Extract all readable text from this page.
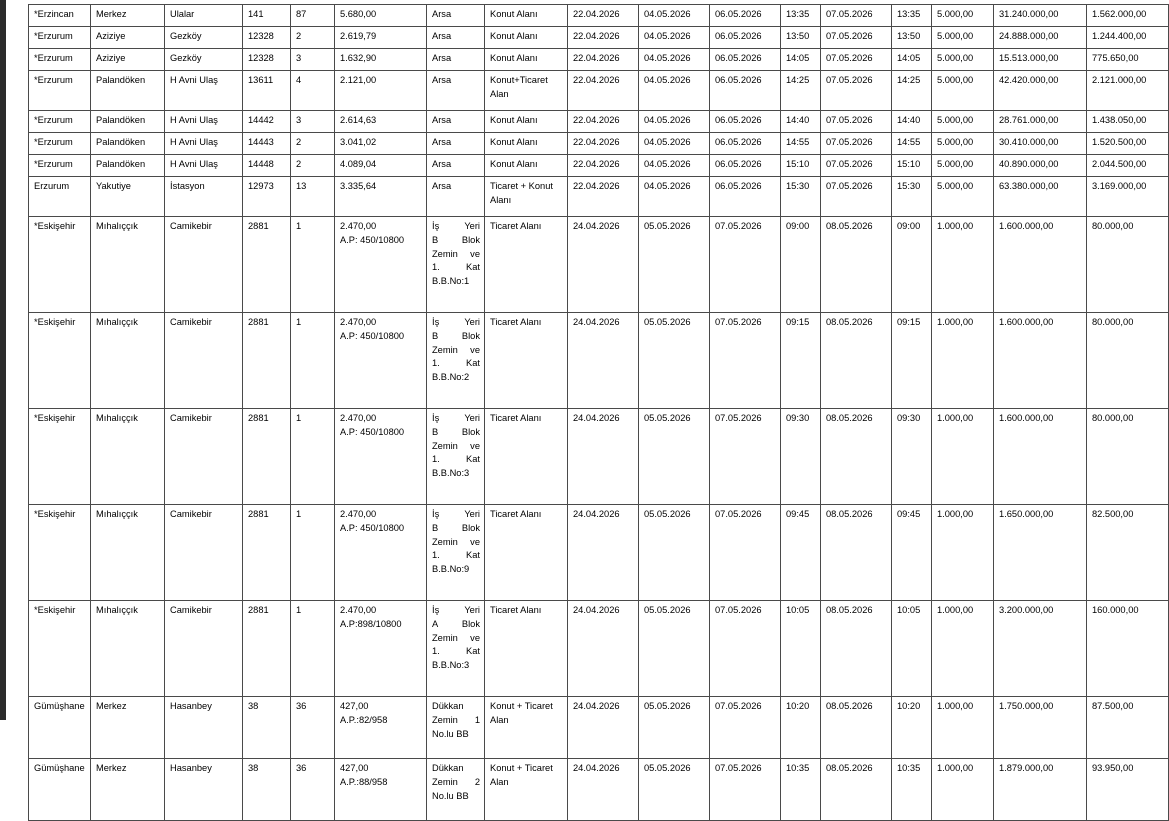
*Erzincan	Merkez	Ulalar	141	87	5.680,00	Arsa	Konut Alanı	22.04.2026	04.05.2026	06.05.2026	13:35	07.05.2026	13:35	5.000,00	31.240.000,00	1.562.000,00
*Erzurum	Aziziye	Gezköy	12328	2	2.619,79	Arsa	Konut Alanı	22.04.2026	04.05.2026	06.05.2026	13:50	07.05.2026	13:50	5.000,00	24.888.000,00	1.244.400,00
*Erzurum	Aziziye	Gezköy	12328	3	1.632,90	Arsa	Konut Alanı	22.04.2026	04.05.2026	06.05.2026	14:05	07.05.2026	14:05	5.000,00	15.513.000,00	775.650,00
*Erzurum	Palandöken	H Avni Ulaş	13611	4	2.121,00	Arsa	Konut+Ticaret Alan	22.04.2026	04.05.2026	06.05.2026	14:25	07.05.2026	14:25	5.000,00	42.420.000,00	2.121.000,00
*Erzurum	Palandöken	H Avni Ulaş	14442	3	2.614,63	Arsa	Konut Alanı	22.04.2026	04.05.2026	06.05.2026	14:40	07.05.2026	14:40	5.000,00	28.761.000,00	1.438.050,00
*Erzurum	Palandöken	H Avni Ulaş	14443	2	3.041,02	Arsa	Konut Alanı	22.04.2026	04.05.2026	06.05.2026	14:55	07.05.2026	14:55	5.000,00	30.410.000,00	1.520.500,00
*Erzurum	Palandöken	H Avni Ulaş	14448	2	4.089,04	Arsa	Konut Alanı	22.04.2026	04.05.2026	06.05.2026	15:10	07.05.2026	15:10	5.000,00	40.890.000,00	2.044.500,00
Erzurum	Yakutiye	İstasyon	12973	13	3.335,64	Arsa	Ticaret + Konut Alanı	22.04.2026	04.05.2026	06.05.2026	15:30	07.05.2026	15:30	5.000,00	63.380.000,00	3.169.000,00
*Eskişehir	Mıhalıççık	Camikebir	2881	1	2.470,00
A.P: 450/10800	İş Yeri
B Blok
Zemin ve
1. Kat
B.B.No:1	Ticaret Alanı	24.04.2026	05.05.2026	07.05.2026	09:00	08.05.2026	09:00	1.000,00	1.600.000,00	80.000,00
*Eskişehir	Mıhalıççık	Camikebir	2881	1	2.470,00
A.P: 450/10800	İş Yeri
B Blok
Zemin ve
1. Kat
B.B.No:2	Ticaret Alanı	24.04.2026	05.05.2026	07.05.2026	09:15	08.05.2026	09:15	1.000,00	1.600.000,00	80.000,00
*Eskişehir	Mıhalıççık	Camikebir	2881	1	2.470,00
A.P: 450/10800	İş Yeri
B Blok
Zemin ve
1. Kat
B.B.No:3	Ticaret Alanı	24.04.2026	05.05.2026	07.05.2026	09:30	08.05.2026	09:30	1.000,00	1.600.000,00	80.000,00
*Eskişehir	Mıhalıççık	Camikebir	2881	1	2.470,00
A.P: 450/10800	İş Yeri
B Blok
Zemin ve
1. Kat
B.B.No:9	Ticaret Alanı	24.04.2026	05.05.2026	07.05.2026	09:45	08.05.2026	09:45	1.000,00	1.650.000,00	82.500,00
*Eskişehir	Mıhalıççık	Camikebir	2881	1	2.470,00
A.P:898/10800	İş Yeri
A Blok
Zemin ve
1. Kat
B.B.No:3	Ticaret Alanı	24.04.2026	05.05.2026	07.05.2026	10:05	08.05.2026	10:05	1.000,00	3.200.000,00	160.000,00
Gümüşhane	Merkez	Hasanbey	38	36	427,00
A.P.:82/958	Dükkan
Zemin 1
No.lu BB	Konut + Ticaret Alan	24.04.2026	05.05.2026	07.05.2026	10:20	08.05.2026	10:20	1.000,00	1.750.000,00	87.500,00
Gümüşhane	Merkez	Hasanbey	38	36	427,00
A.P.:88/958	Dükkan
Zemin 2
No.lu BB	Konut + Ticaret Alan	24.04.2026	05.05.2026	07.05.2026	10:35	08.05.2026	10:35	1.000,00	1.879.000,00	93.950,00
